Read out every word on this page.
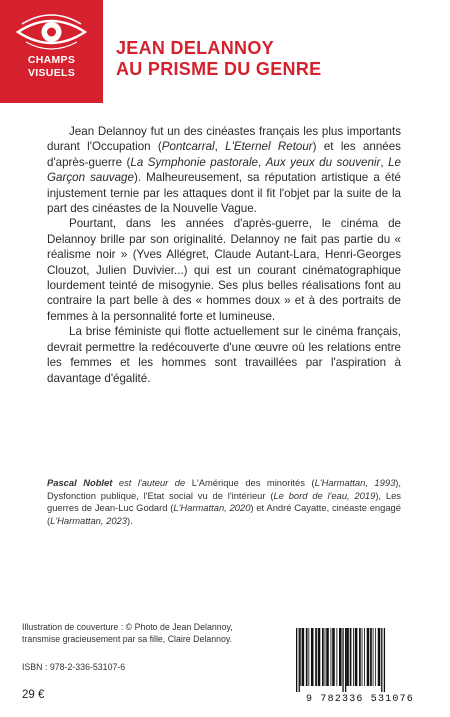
CHAMPS
VISUELS
JEAN DELANNOY
AU PRISME DU GENRE

Jean Delannoy fut un des cinéastes français les plus importants durant l'Occupation (Pontcarral, L'Eternel Retour) et les années d'après-guerre (La Symphonie pastorale, Aux yeux du souvenir, Le Garçon sauvage). Malheureusement, sa réputation artistique a été injustement ternie par les attaques dont il fit l'objet par la suite de la part des cinéastes de la Nouvelle Vague.

Pourtant, dans les années d'après-guerre, le cinéma de Delannoy brille par son originalité. Delannoy ne fait pas partie du « réalisme noir » (Yves Allégret, Claude Autant-Lara, Henri-Georges Clouzot, Julien Duvivier...) qui est un courant cinématographique lourdement teinté de misogynie. Ses plus belles réalisations font au contraire la part belle à des « hommes doux » et à des portraits de femmes à la personnalité forte et lumineuse.

La brise féministe qui flotte actuellement sur le cinéma français, devrait permettre la redécouverte d'une œuvre où les relations entre les femmes et les hommes sont travaillées par l'aspiration à davantage d'égalité.

Pascal Noblet est l'auteur de L'Amérique des minorités (L'Harmattan, 1993), Dysfonction publique, l'Etat social vu de l'intérieur (Le bord de l'eau, 2019), Les guerres de Jean-Luc Godard (L'Harmattan, 2020) et André Cayatte, cinéaste engagé (L'Harmattan, 2023).
Illustration de couverture : © Photo de Jean Delannoy,
transmise gracieusement par sa fille, Claire Delannoy.
ISBN : 978-2-336-53107-6
29 €	9 782336 531076
